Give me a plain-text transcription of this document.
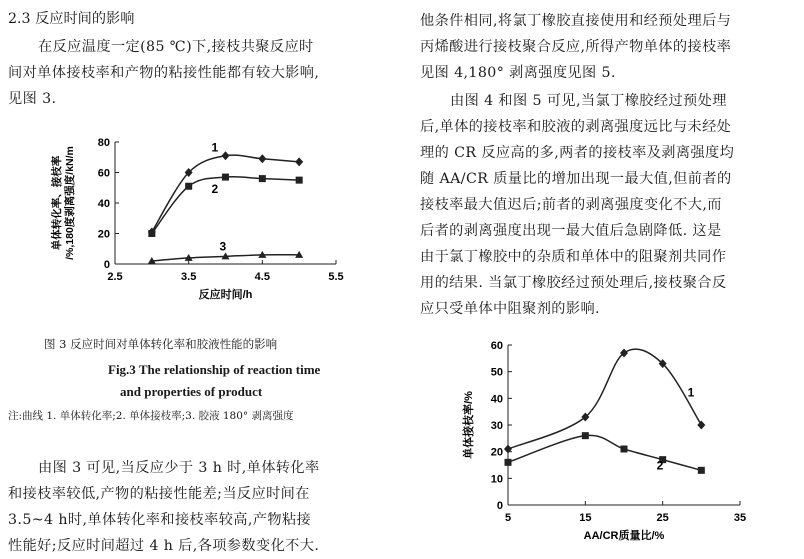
2.3 反应时间的影响
在反应温度一定(85 ℃)下,接枝共聚反应时
间对单体接枝率和产物的粘接性能都有较大影响,
见图 3.
0
20
40
60
80
2.5	3.5	4.5	5.5
反应时间/h
单体转化率、接枝率 /%,180度剥离强度/kN/m	1
2
3
图 3 反应时间对单体转化率和胶液性能的影响
Fig.3 The relationship of reaction time
and properties of product
注:曲线 1. 单体转化率;2. 单体接枝率;3. 胶液 180° 剥离强度
由图 3 可见,当反应少于 3 h 时,单体转化率
和接枝率较低,产物的粘接性能差;当反应时间在
3.5~4 h时,单体转化率和接枝率较高,产物粘接
性能好;反应时间超过 4 h 后,各项参数变化不大.
他条件相同,将氯丁橡胶直接使用和经预处理后与
丙烯酸进行接枝聚合反应,所得产物单体的接枝率
见图 4,180° 剥离强度见图 5.
由图 4 和图 5 可见,当氯丁橡胶经过预处理
后,单体的接枝率和胶液的剥离强度远比与未经处
理的 CR 反应高的多,两者的接枝率及剥离强度均
随 AA/CR 质量比的增加出现一最大值,但前者的
接枝率最大值迟后;前者的剥离强度变化不大,而
后者的剥离强度出现一最大值后急剧降低. 这是
由于氯丁橡胶中的杂质和单体中的阻聚剂共同作
用的结果. 当氯丁橡胶经过预处理后,接枝聚合反
应只受单体中阻聚剂的影响.
0
10
20
30
40
50
60
5	15	25	35
AA/CR质量比/%
单体接枝率/%	1
2
